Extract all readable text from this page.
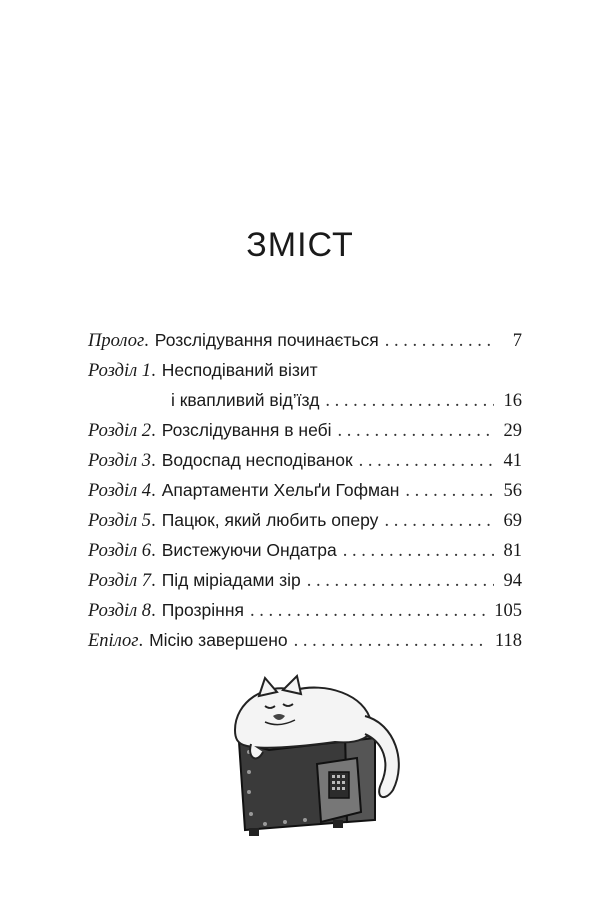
ЗМІСТ
Пролог . Розслідування починається . . .	7
Розділ 1 . Несподіваний візит
і квапливий від’їзд . . .	16
Розділ 2 . Розслідування в небі . . .	29
Розділ 3 . Водоспад несподіванок . . .	41
Розділ 4 . Апартаменти Хельґи Гофман . . .	56
Розділ 5 . Пацюк, який любить оперу . . .	69
Розділ 6 . Вистежуючи Ондатра . . .	81
Розділ 7 . Під міріадами зір . . .	94
Розділ 8 . Прозріння . . .	105
Епілог . Місію завершено . . .	118
